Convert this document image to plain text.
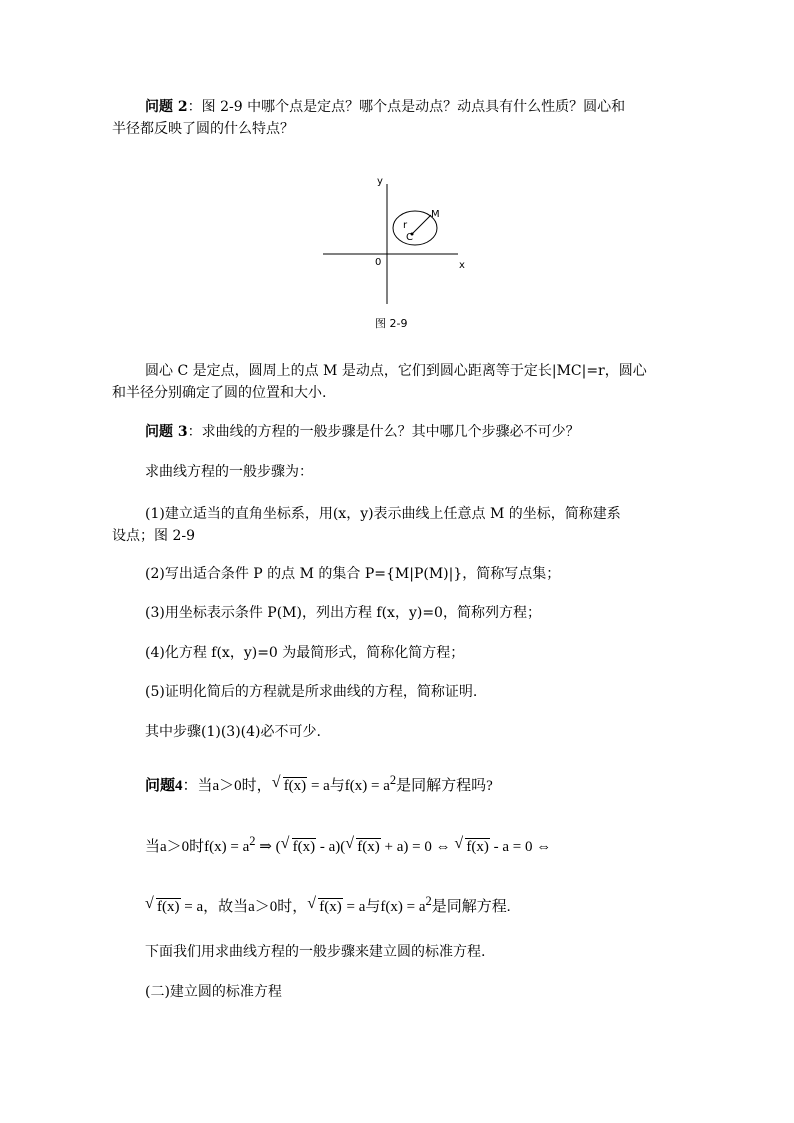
问题 2：图 2-9 中哪个点是定点？哪个点是动点？动点具有什么性质？圆心和
半径都反映了圆的什么特点？

y
x
0
C
r
M
图 2-9

圆心 C 是定点，圆周上的点 M 是动点，它们到圆心距离等于定长|MC|=r，圆心
和半径分别确定了圆的位置和大小.

问题 3：求曲线的方程的一般步骤是什么？其中哪几个步骤必不可少？

求曲线方程的一般步骤为：

(1)建立适当的直角坐标系，用(x，y)表示曲线上任意点 M 的坐标，简称建系
设点；图 2-9

(2)写出适合条件 P 的点 M 的集合 P={M|P(M)|}，简称写点集；

(3)用坐标表示条件 P(M)，列出方程 f(x，y)=0，简称列方程；

(4)化方程 f(x，y)=0 为最简形式，简称化简方程；

(5)证明化简后的方程就是所求曲线的方程，简称证明.

其中步骤(1)(3)(4)必不可少.

问题4：当a＞0时， √ f(x) = a与$f(x) = a^2$是同解方程吗?

当a＞0时$f(x) = a^2$ ⇒ ( √ f(x) - a)( √ f(x) + a) = 0 ⇔ √ f(x) - a = 0 ⇔

√ f(x) = a，故当a＞0时， √ f(x) = a与$f(x) = a^2$是同解方程.

下面我们用求曲线方程的一般步骤来建立圆的标准方程.

(二)建立圆的标准方程
